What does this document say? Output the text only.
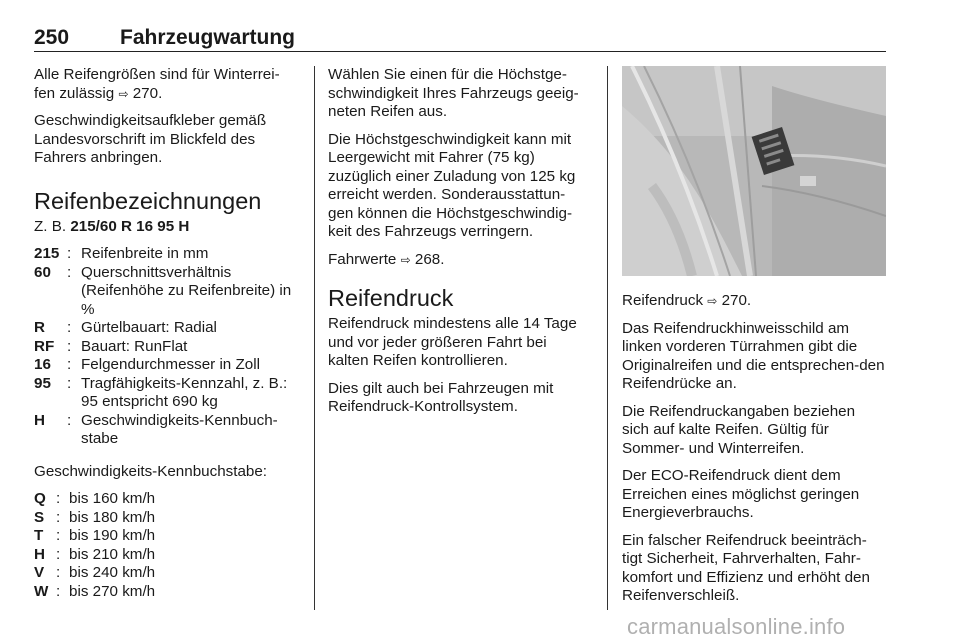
250 Fahrzeugwartung

Alle Reifengrößen sind für Winterrei-fen zulässig ⇨ 270.

Geschwindigkeitsaufkleber gemäß Landesvorschrift im Blickfeld des Fahrers anbringen.

Reifenbezeichnungen

Z. B. 215/60 R 16 95 H

215 : Reifenbreite in mm
60	: Querschnittsverhältnis (Reifenhöhe zu Reifenbreite) in %
R	: Gürtelbauart: Radial
RF : Bauart: RunFlat
16	: Felgendurchmesser in Zoll
95	: Tragfähigkeits-Kennzahl, z. B.: 95 entspricht 690 kg
H	: Geschwindigkeits-Kennbuch-stabe

Geschwindigkeits-Kennbuchstabe:

Q : bis 160 km/h
S : bis 180 km/h
T : bis 190 km/h
H : bis 210 km/h
V : bis 240 km/h
W : bis 270 km/h

Wählen Sie einen für die Höchstge-schwindigkeit Ihres Fahrzeugs geeig-neten Reifen aus.

Die Höchstgeschwindigkeit kann mit Leergewicht mit Fahrer (75 kg) zuzüglich einer Zuladung von 125 kg erreicht werden. Sonderausstattun-gen können die Höchstgeschwindig-keit des Fahrzeugs verringern.

Fahrwerte ⇨ 268.

Reifendruck

Reifendruck mindestens alle 14 Tage und vor jeder größeren Fahrt bei kalten Reifen kontrollieren.

Dies gilt auch bei Fahrzeugen mit Reifendruck-Kontrollsystem.

Reifendruck ⇨ 270.

Das Reifendruckhinweisschild am linken vorderen Türrahmen gibt die Originalreifen und die entsprechen-den Reifendrücke an.

Die Reifendruckangaben beziehen sich auf kalte Reifen. Gültig für Sommer- und Winterreifen.

Der ECO-Reifendruck dient dem Erreichen eines möglichst geringen Energieverbrauchs.

Ein falscher Reifendruck beeinträch-tigt Sicherheit, Fahrverhalten, Fahr-komfort und Effizienz und erhöht den Reifenverschleiß.

carmanualsonline.info
